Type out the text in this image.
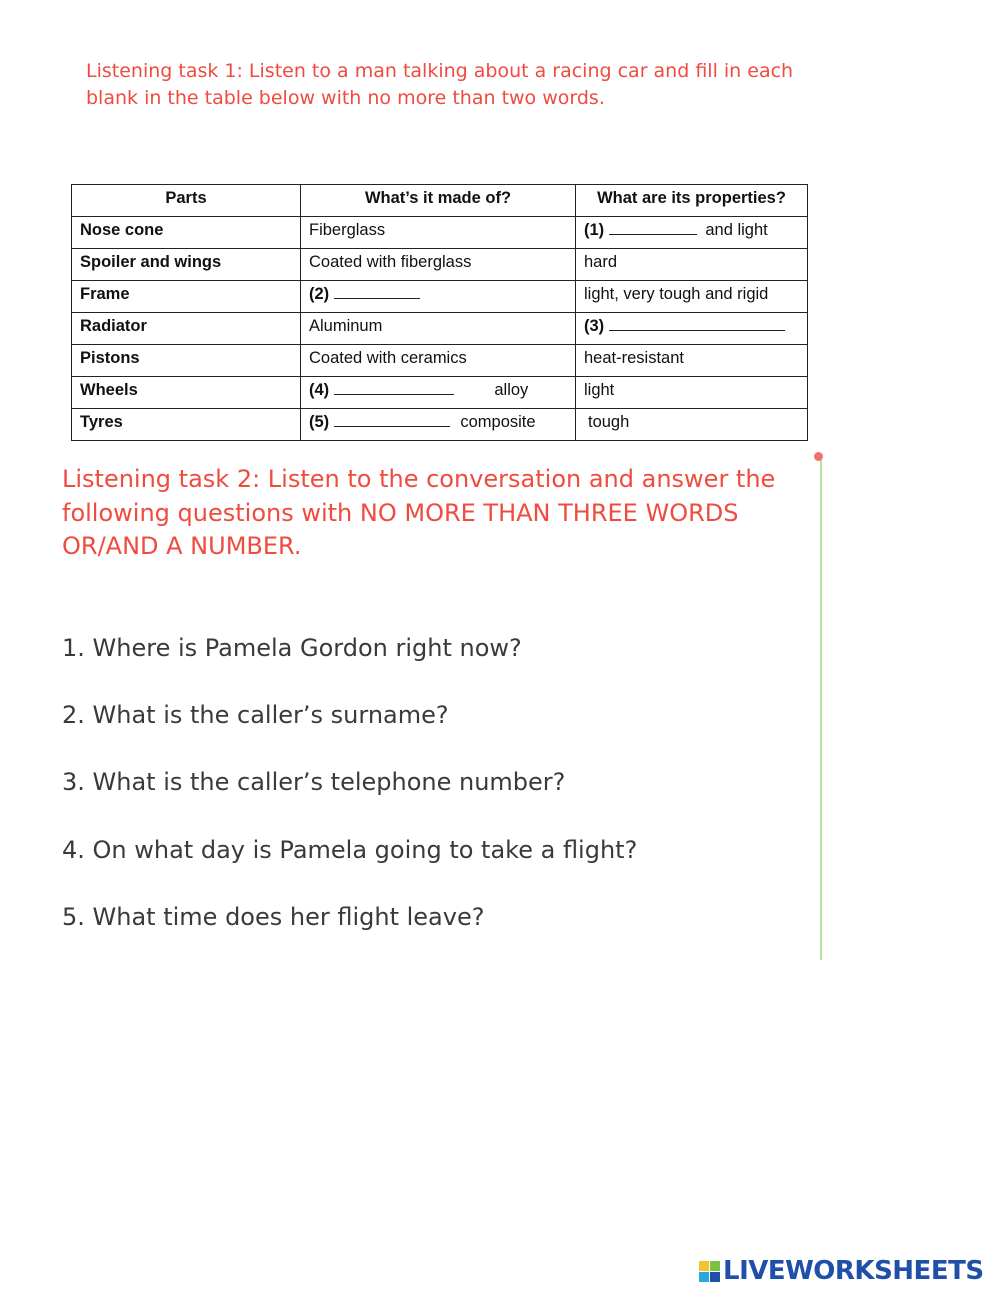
Listening task 1: Listen to a man talking about a racing car and fill in each blank in the table below with no more than two words.

Parts	What’s it made of?	What are its properties?
Nose cone	Fiberglass	(1) and light
Spoiler and wings	Coated with fiberglass	hard
Frame	(2)	light, very tough and rigid
Radiator	Aluminum	(3)
Pistons	Coated with ceramics	heat-resistant
Wheels	(4) alloy	light
Tyres	(5) composite	tough

Listening task 2: Listen to the conversation and answer the following questions with NO MORE THAN THREE WORDS OR/AND A NUMBER.

1. Where is Pamela Gordon right now?

2. What is the caller’s surname?

3. What is the caller’s telephone number?

4. On what day is Pamela going to take a flight?

5. What time does her flight leave?

LIVEWORKSHEETS
